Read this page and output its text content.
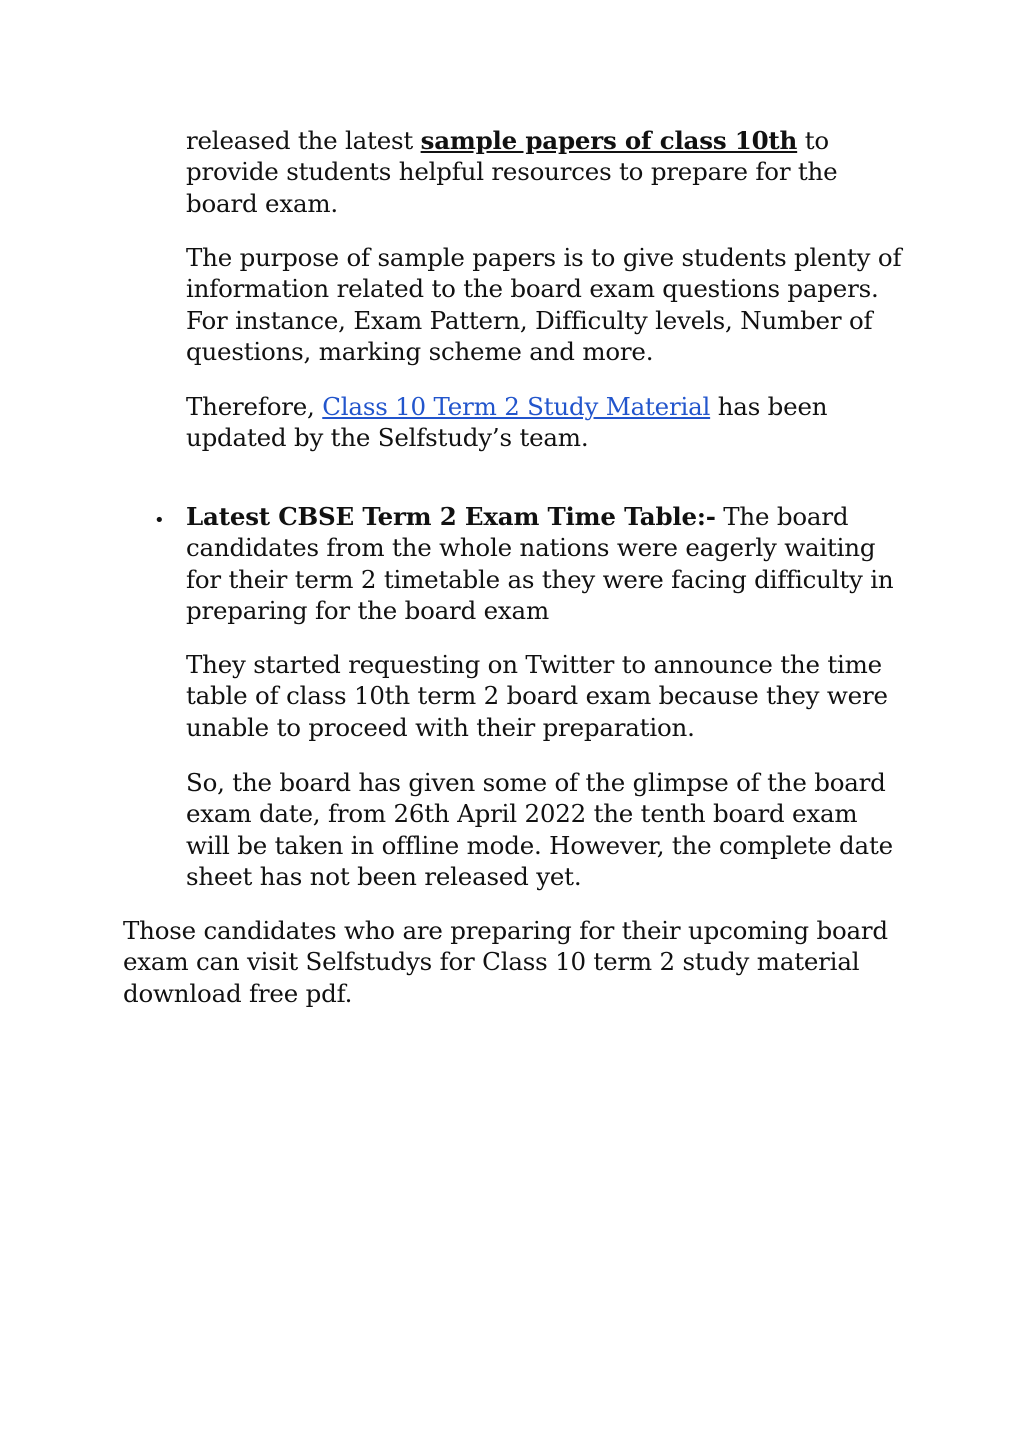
released the latest sample papers of class 10th to provide students helpful resources to prepare for the board exam.

The purpose of sample papers is to give students plenty of information related to the board exam questions papers. For instance, Exam Pattern, Difficulty levels, Number of questions, marking scheme and more.

Therefore, Class 10 Term 2 Study Material has been updated by the Selfstudy’s team.

• Latest CBSE Term 2 Exam Time Table:- The board candidates from the whole nations were eagerly waiting for their term 2 timetable as they were facing difficulty in preparing for the board exam

They started requesting on Twitter to announce the time table of class 10th term 2 board exam because they were unable to proceed with their preparation.

So, the board has given some of the glimpse of the board exam date, from 26th April 2022 the tenth board exam will be taken in offline mode. However, the complete date sheet has not been released yet.

Those candidates who are preparing for their upcoming board exam can visit Selfstudys for Class 10 term 2 study material download free pdf.
